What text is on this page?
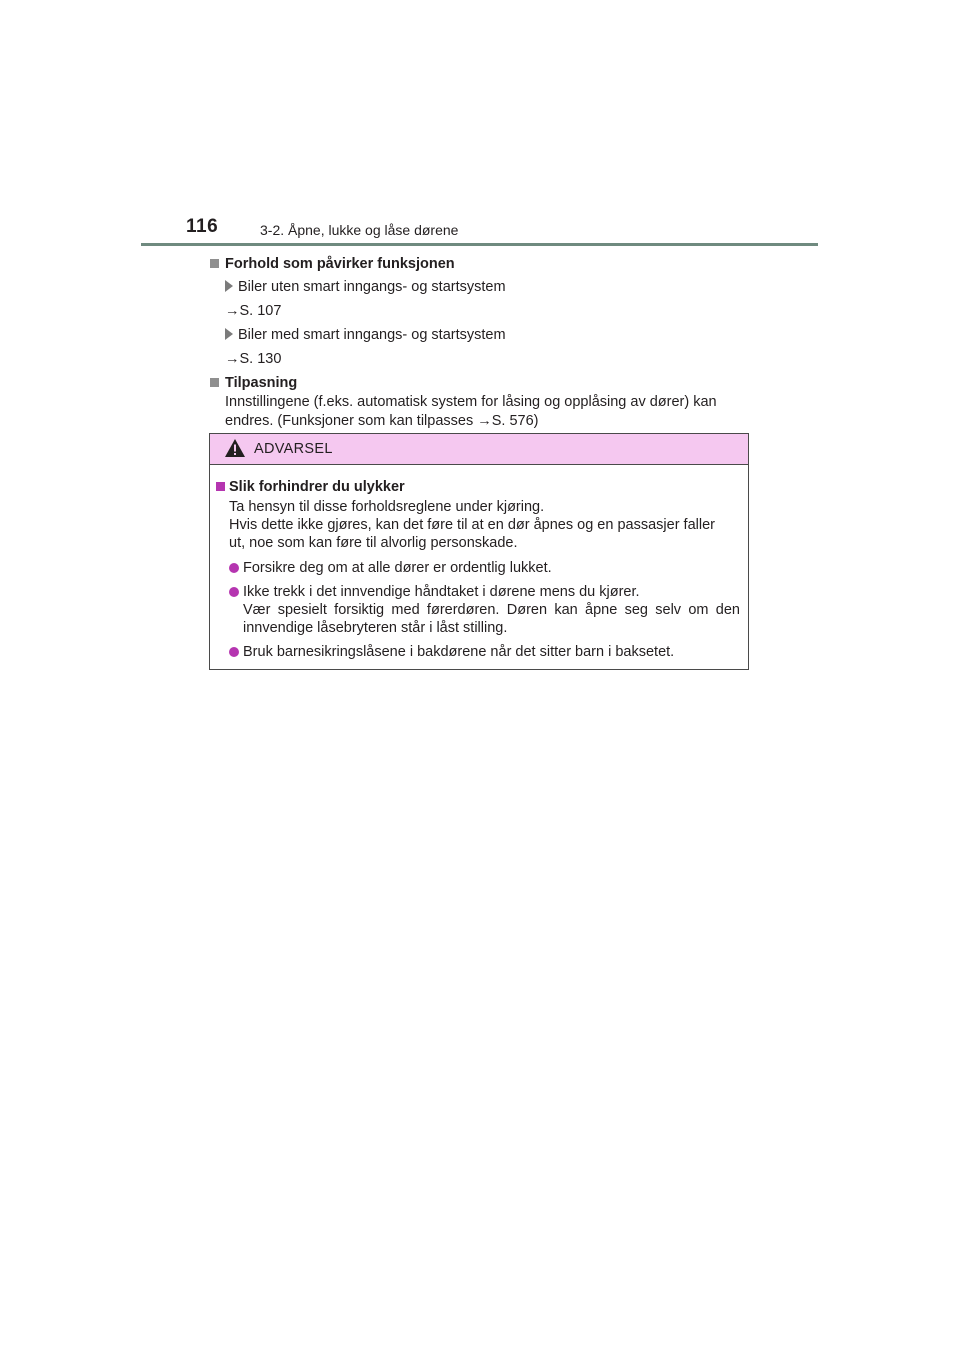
116	3-2. Åpne, lukke og låse dørene
Forhold som påvirker funksjonen
Biler uten smart inngangs- og startsystem
→S. 107
Biler med smart inngangs- og startsystem
→S. 130
Tilpasning
Innstillingene (f.eks. automatisk system for låsing og opplåsing av dører) kan
endres. (Funksjoner som kan tilpasses →S. 576)
ADVARSEL
Slik forhindrer du ulykker
Ta hensyn til disse forholdsreglene under kjøring.
Hvis dette ikke gjøres, kan det føre til at en dør åpnes og en passasjer faller
ut, noe som kan føre til alvorlig personskade.
Forsikre deg om at alle dører er ordentlig lukket.
Ikke trekk i det innvendige håndtaket i dørene mens du kjører.
Vær spesielt forsiktig med førerdøren. Døren kan åpne seg selv om den
innvendige låsebryteren står i låst stilling.
Bruk barnesikringslåsene i bakdørene når det sitter barn i baksetet.
